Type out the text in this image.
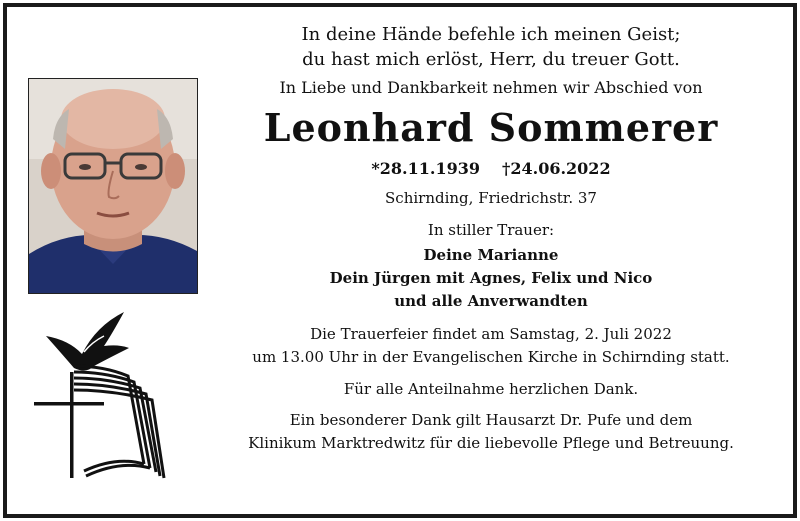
In deine Hände befehle ich meinen Geist;
du hast mich erlöst, Herr, du treuer Gott.
In Liebe und Dankbarkeit nehmen wir Abschied von
Leonhard Sommerer
*28.11.1939 †24.06.2022
Schirnding, Friedrichstr. 37
In stiller Trauer:
Deine Marianne
Dein Jürgen mit Agnes, Felix und Nico
und alle Anverwandten
Die Trauerfeier findet am Samstag, 2. Juli 2022
um 13.00 Uhr in der Evangelischen Kirche in Schirnding statt.
Für alle Anteilnahme herzlichen Dank.
Ein besonderer Dank gilt Hausarzt Dr. Pufe und dem
Klinikum Marktredwitz für die liebevolle Pflege und Betreuung.
